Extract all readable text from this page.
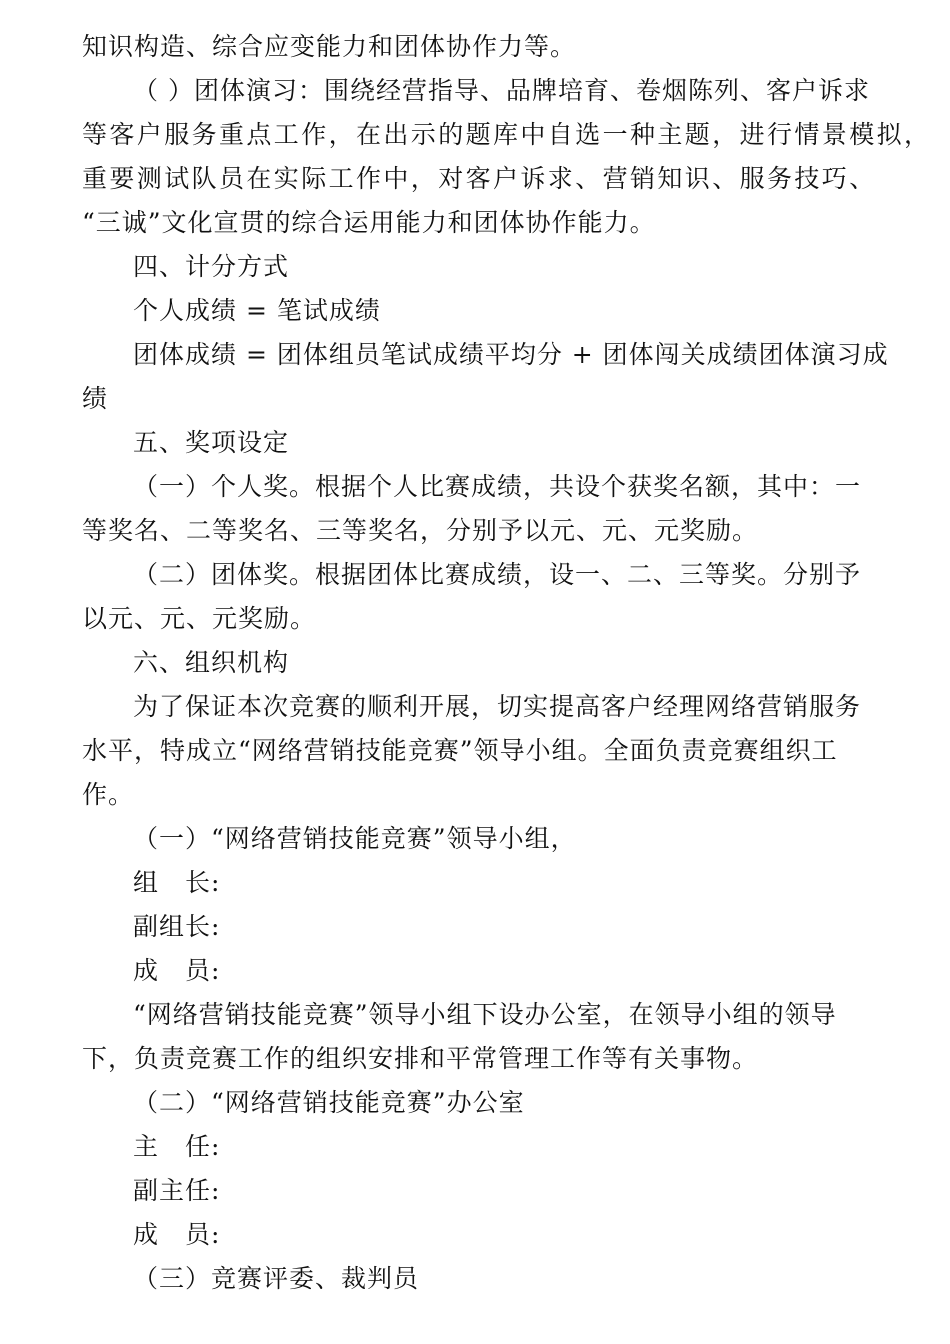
知识构造、综合应变能力和团体协作力等。
（ ）团体演习：围绕经营指导、品牌培育、卷烟陈列、客户诉求
等客户服务重点工作，在出示的题库中自选一种主题，进行情景模拟，
重要测试队员在实际工作中，对客户诉求、营销知识、服务技巧、
“三诚”文化宣贯的综合运用能力和团体协作能力。
四、计分方式
个人成绩 = 笔试成绩
团体成绩 = 团体组员笔试成绩平均分 + 团体闯关成绩团体演习成
绩
五、奖项设定
（一）个人奖。根据个人比赛成绩，共设个获奖名额，其中：一
等奖名、二等奖名、三等奖名，分别予以元、元、元奖励。
（二）团体奖。根据团体比赛成绩，设一、二、三等奖。分别予
以元、元、元奖励。
六、组织机构
为了保证本次竞赛的顺利开展，切实提高客户经理网络营销服务
水平，特成立“网络营销技能竞赛”领导小组。全面负责竞赛组织工
作。
（一）“网络营销技能竞赛”领导小组，
组　长:
副组长:
成　员:
“网络营销技能竞赛”领导小组下设办公室，在领导小组的领导
下，负责竞赛工作的组织安排和平常管理工作等有关事物。
（二）“网络营销技能竞赛”办公室
主　任:
副主任:
成　员:
（三）竞赛评委、裁判员
